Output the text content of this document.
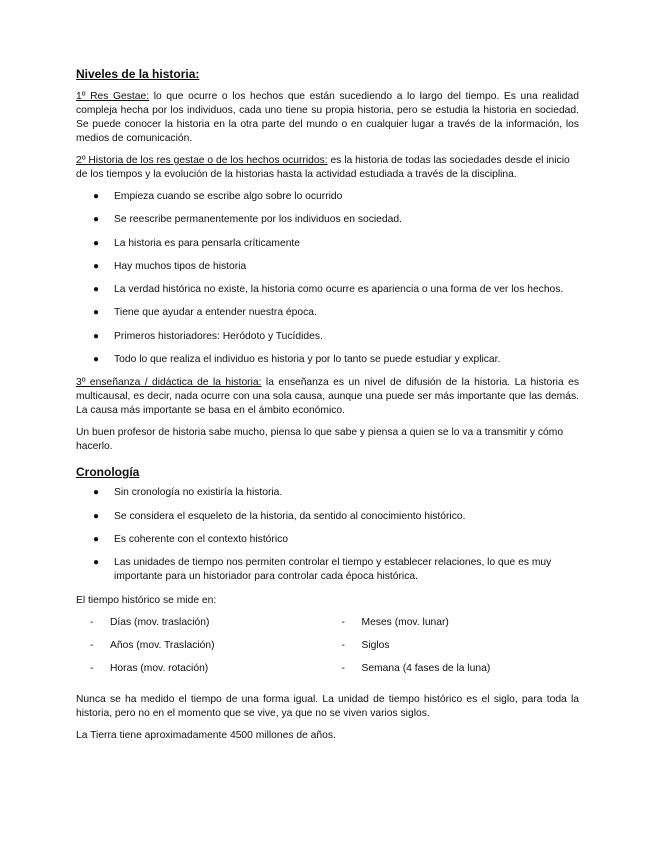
Niveles de la historia:

1º Res Gestae: lo que ocurre o los hechos que están sucediendo a lo largo del tiempo. Es una realidad compleja hecha por los individuos, cada uno tiene su propia historia, pero se estudia la historia en sociedad. Se puede conocer la historia en la otra parte del mundo o en cualquier lugar a través de la información, los medios de comunicación.

2º Historia de los res gestae o de los hechos ocurridos: es la historia de todas las sociedades desde el inicio de los tiempos y la evolución de la historias hasta la actividad estudiada a través de la disciplina.

● Empieza cuando se escribe algo sobre lo ocurrido
● Se reescribe permanentemente por los individuos en sociedad.
● La historia es para pensarla críticamente
● Hay muchos tipos de historia
● La verdad histórica no existe, la historia como ocurre es apariencia o una forma de ver los hechos.
● Tiene que ayudar a entender nuestra época.
● Primeros historiadores: Heródoto y Tucídides.
● Todo lo que realiza el individuo es historia y por lo tanto se puede estudiar y explicar.

3º enseñanza / didáctica de la historia: la enseñanza es un nivel de difusión de la historia. La historia es multicausal, es decir, nada ocurre con una sola causa, aunque una puede ser más importante que las demás. La causa más importante se basa en el ámbito económico.

Un buen profesor de historia sabe mucho, piensa lo que sabe y piensa a quien se lo va a transmitir y cómo hacerlo.

Cronología
● Sin cronología no existiría la historia.
● Se considera el esqueleto de la historia, da sentido al conocimiento histórico.
● Es coherente con el contexto histórico
● Las unidades de tiempo nos permiten controlar el tiempo y establecer relaciones, lo que es muy importante para un historiador para controlar cada época histórica.

El tiempo histórico se mide en:

- Días (mov. traslación)
- Años (mov. Traslación)
- Horas (mov. rotación)
- Meses (mov. lunar)
- Siglos
- Semana (4 fases de la luna)

Nunca se ha medido el tiempo de una forma igual. La unidad de tiempo histórico es el siglo, para toda la historia, pero no en el momento que se vive, ya que no se viven varios siglos.

La Tierra tiene aproximadamente 4500 millones de años.
